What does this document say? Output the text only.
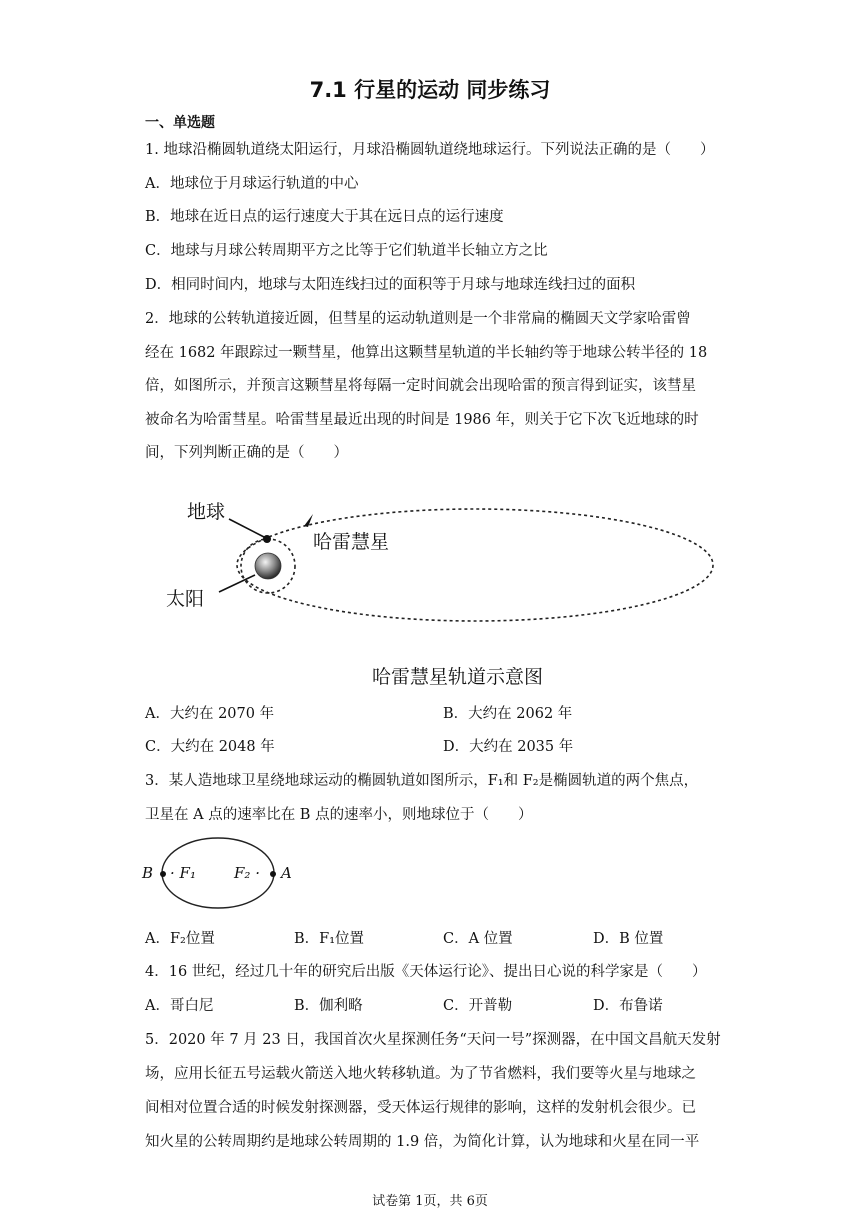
7.1 行星的运动 同步练习
一、单选题
1. 地球沿椭圆轨道绕太阳运行，月球沿椭圆轨道绕地球运行。下列说法正确的是（　　）
A．地球位于月球运行轨道的中心
B．地球在近日点的运行速度大于其在远日点的运行速度
C．地球与月球公转周期平方之比等于它们轨道半长轴立方之比
D．相同时间内，地球与太阳连线扫过的面积等于月球与地球连线扫过的面积
2．地球的公转轨道接近圆，但彗星的运动轨道则是一个非常扁的椭圆天文学家哈雷曾
经在 1682 年跟踪过一颗彗星，他算出这颗彗星轨道的半长轴约等于地球公转半径的 18
倍，如图所示，并预言这颗彗星将每隔一定时间就会出现哈雷的预言得到证实，该彗星
被命名为哈雷彗星。哈雷彗星最近出现的时间是 1986 年，则关于它下次飞近地球的时
间，下列判断正确的是（　　）
地球
哈雷慧星
太阳
哈雷慧星轨道示意图
A．大约在 2070 年	B．大约在 2062 年
C．大约在 2048 年	D．大约在 2035 年
3．某人造地球卫星绕地球运动的椭圆轨道如图所示，F₁和 F₂是椭圆轨道的两个焦点，
卫星在 A 点的速率比在 B 点的速率小，则地球位于（　　）
B · F₁	F₂ · A
A．F₂位置	B．F₁位置	C．A 位置	D．B 位置
4．16 世纪，经过几十年的研究后出版《天体运行论》、提出日心说的科学家是（　　）
A．哥白尼	B．伽利略	C．开普勒	D．布鲁诺
5．2020 年 7 月 23 日，我国首次火星探测任务“天问一号”探测器，在中国文昌航天发射
场，应用长征五号运载火箭送入地火转移轨道。为了节省燃料，我们要等火星与地球之
间相对位置合适的时候发射探测器，受天体运行规律的影响，这样的发射机会很少。已
知火星的公转周期约是地球公转周期的 1.9 倍，为简化计算，认为地球和火星在同一平
试卷第 1页，共 6页
